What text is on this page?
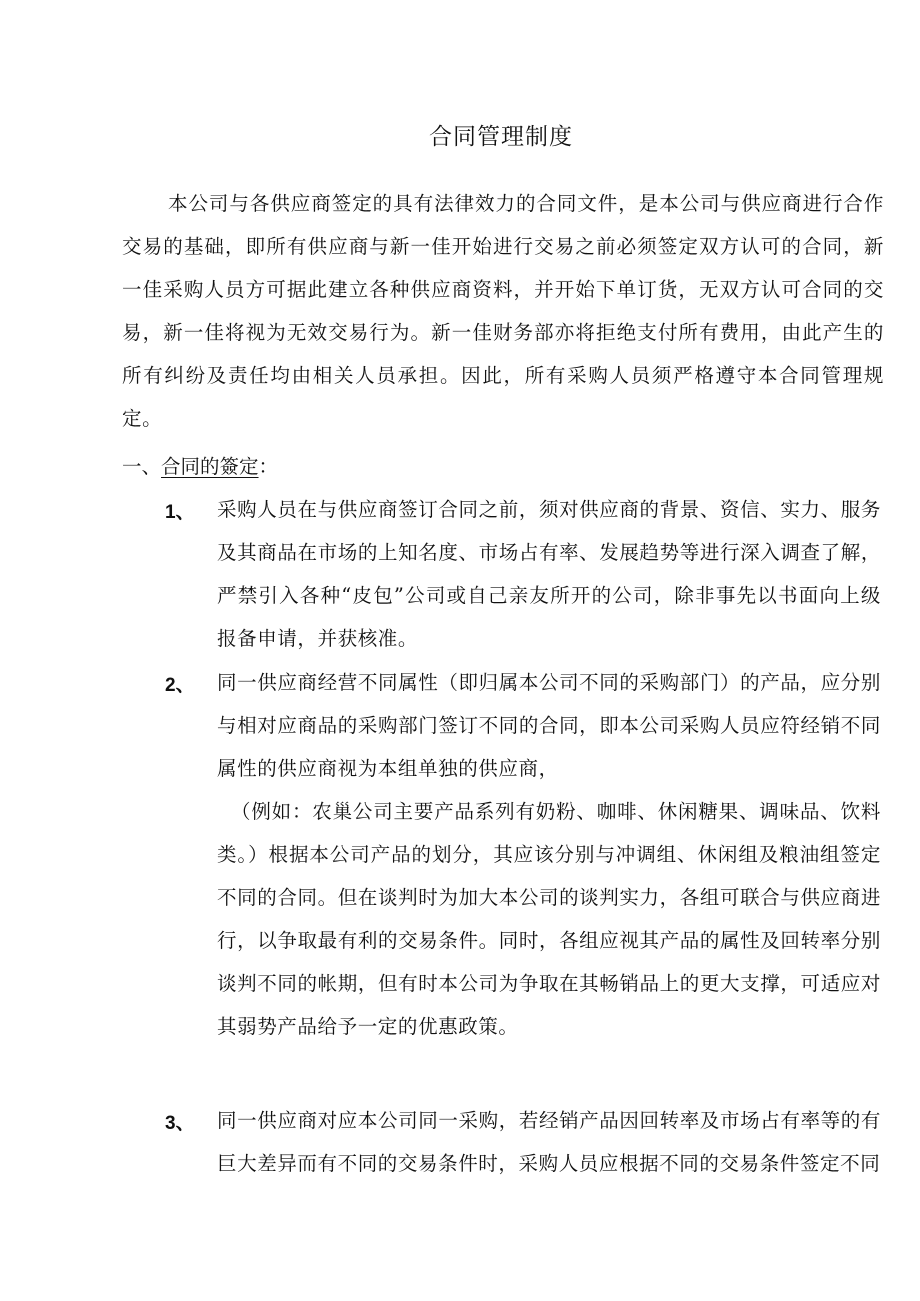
合同管理制度
本公司与各供应商签定的具有法律效力的合同文件，是本公司与供应商进行合作交易的基础，即所有供应商与新一佳开始进行交易之前必须签定双方认可的合同，新一佳采购人员方可据此建立各种供应商资料，并开始下单订货，无双方认可合同的交易，新一佳将视为无效交易行为。新一佳财务部亦将拒绝支付所有费用，由此产生的所有纠纷及责任均由相关人员承担。因此，所有采购人员须严格遵守本合同管理规定。
一、合同的簽定：
1、 采购人员在与供应商签订合同之前，须对供应商的背景、资信、实力、服务及其商品在市场的上知名度、市场占有率、发展趋势等进行深入调查了解，严禁引入各种“皮包”公司或自己亲友所开的公司，除非事先以书面向上级报备申请，并获核准。

2、 同一供应商经营不同属性（即归属本公司不同的采购部门）的产品，应分别与相对应商品的采购部门签订不同的合同，即本公司采购人员应符经销不同属性的供应商视为本组单独的供应商，

（例如：农巢公司主要产品系列有奶粉、咖啡、休闲糖果、调味品、饮料类。）根据本公司产品的划分，其应该分别与冲调组、休闲组及粮油组签定不同的合同。但在谈判时为加大本公司的谈判实力，各组可联合与供应商进行，以争取最有利的交易条件。同时，各组应视其产品的属性及回转率分别谈判不同的帐期，但有时本公司为争取在其畅销品上的更大支撑，可适应对其弱势产品给予一定的优惠政策。

3、 同一供应商对应本公司同一采购，若经销产品因回转率及市场占有率等的有巨大差异而有不同的交易条件时，采购人员应根据不同的交易条件签定不同
